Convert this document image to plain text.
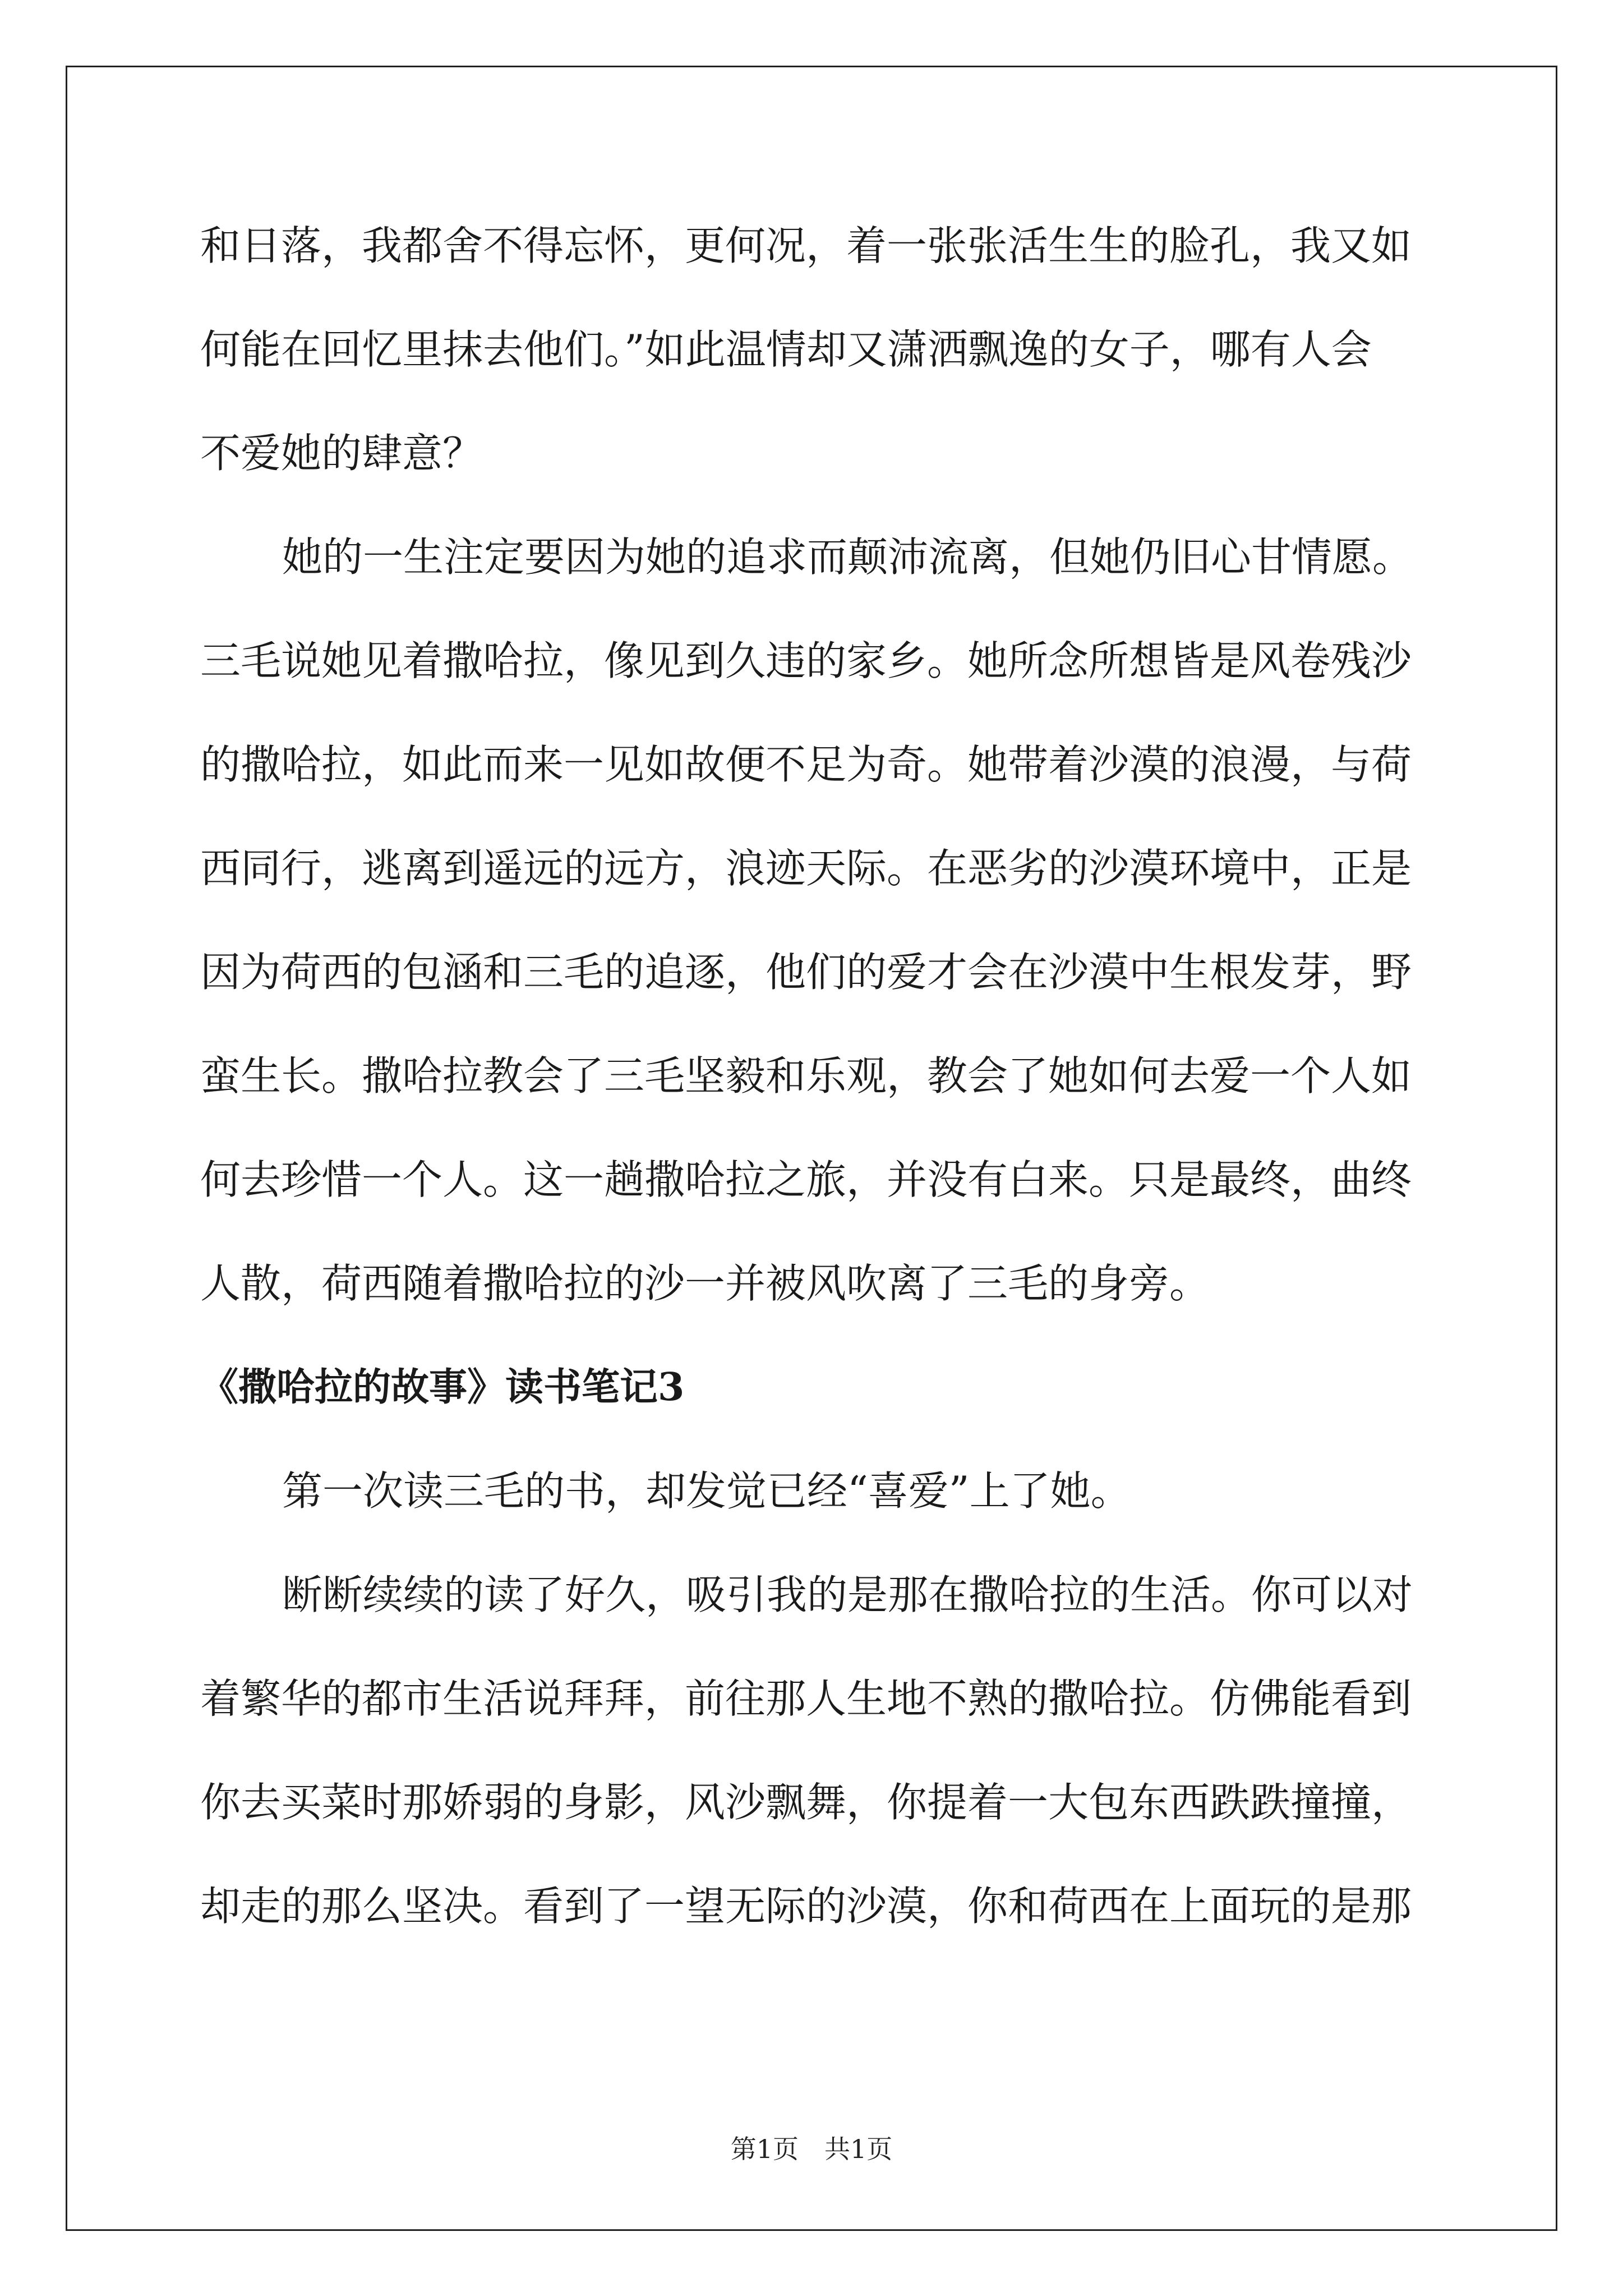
和日落，我都舍不得忘怀，更何况，着一张张活生生的脸孔，我又如

何能在回忆里抹去他们。”如此温情却又潇洒飘逸的女子，哪有人会

不爱她的肆意？

她的一生注定要因为她的追求而颠沛流离，但她仍旧心甘情愿。

三毛说她见着撒哈拉，像见到久违的家乡。她所念所想皆是风卷残沙

的撒哈拉，如此而来一见如故便不足为奇。她带着沙漠的浪漫，与荷

西同行，逃离到遥远的远方，浪迹天际。在恶劣的沙漠环境中，正是

因为荷西的包涵和三毛的追逐，他们的爱才会在沙漠中生根发芽，野

蛮生长。撒哈拉教会了三毛坚毅和乐观，教会了她如何去爱一个人如

何去珍惜一个人。这一趟撒哈拉之旅，并没有白来。只是最终，曲终

人散，荷西随着撒哈拉的沙一并被风吹离了三毛的身旁。

《撒哈拉的故事》读书笔记3

第一次读三毛的书，却发觉已经“喜爱”上了她。

断断续续的读了好久，吸引我的是那在撒哈拉的生活。你可以对

着繁华的都市生活说拜拜，前往那人生地不熟的撒哈拉。仿佛能看到

你去买菜时那娇弱的身影，风沙飘舞，你提着一大包东西跌跌撞撞，

却走的那么坚决。看到了一望无际的沙漠，你和荷西在上面玩的是那

第1页　共1页
